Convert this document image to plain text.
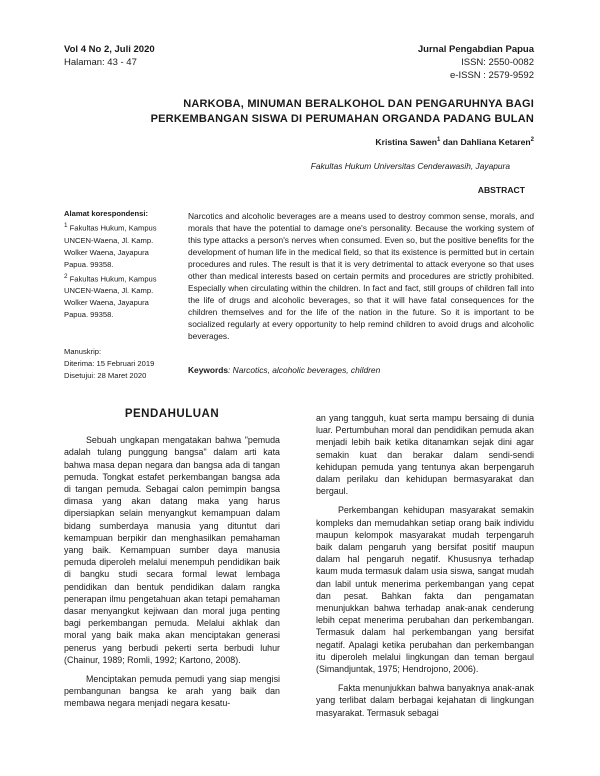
Vol 4 No 2, Juli 2020
Halaman: 43 - 47
Jurnal Pengabdian Papua
ISSN: 2550-0082
e-ISSN : 2579-9592
NARKOBA, MINUMAN BERALKOHOL DAN PENGARUHNYA BAGI
PERKEMBANGAN SISWA DI PERUMAHAN ORGANDA PADANG BULAN
Kristina Sawen$^1$ dan Dahliana Ketaren$^2$
Fakultas Hukum Universitas Cenderawasih, Jayapura
ABSTRACT
Narcotics and alcoholic beverages are a means used to destroy common sense, morals, and morals that have the potential to damage one's personality. Because the working system of this type attacks a person's nerves when consumed. Even so, but the positive benefits for the development of human life in the medical field, so that its existence is permitted but in certain procedures and rules. The result is that it is very detrimental to attack everyone so that uses other than medical interests based on certain permits and procedures are strictly prohibited. Especially when circulating within the children. In fact and fact, still groups of children fall into the life of drugs and alcoholic beverages, so that it will have fatal consequences for the children themselves and for the life of the nation in the future. So it is important to be socialized regularly at every opportunity to help remind children to avoid drugs and alcoholic beverages.
Keywords: Narcotics, alcoholic beverages, children
Alamat korespondensi:
$^1$ Fakultas Hukum, Kampus UNCEN-Waena, Jl. Kamp. Wolker Waena, Jayapura Papua. 99358.
$^2$ Fakultas Hukum, Kampus UNCEN-Waena, Jl. Kamp. Wolker Waena, Jayapura Papua. 99358.
Manuskrip:
Diterima: 15 Februari 2019
Disetujui: 28 Maret 2020

PENDAHULUAN

Sebuah ungkapan mengatakan bahwa "pemuda adalah tulang punggung bangsa" dalam arti kata bahwa masa depan negara dan bangsa ada di tangan pemuda. Tongkat estafet perkembangan bangsa ada di tangan pemuda. Sebagai calon pemimpin bangsa dimasa yang akan datang maka yang harus dipersiapkan selain menyangkut kemampuan dalam bidang sumberdaya manusia yang dituntut dari kemampuan berpikir dan menghasilkan pemahaman yang baik. Kemampuan sumber daya manusia pemuda diperoleh melalui menempuh pendidikan baik di bangku studi secara formal lewat lembaga pendidikan dan bentuk pendidikan dalam rangka penerapan ilmu pengetahuan akan tetapi pemahaman dasar menyangkut kejiwaan dan moral juga penting bagi perkembangan pemuda. Melalui akhlak dan moral yang baik maka akan menciptakan generasi penerus yang berbudi pekerti serta berbudi luhur (Chainur, 1989; Romli, 1992; Kartono, 2008).

Menciptakan pemuda pemudi yang siap mengisi pembangunan bangsa ke arah yang baik dan membawa negara menjadi negara kesatu-

an yang tangguh, kuat serta mampu bersaing di dunia luar. Pertumbuhan moral dan pendidikan pemuda akan menjadi lebih baik ketika ditanamkan sejak dini agar semakin kuat dan berakar dalam sendi-sendi kehidupan pemuda yang tentunya akan berpengaruh dalam perilaku dan kehidupan bermasyarakat dan bergaul.

Perkembangan kehidupan masyarakat semakin kompleks dan memudahkan setiap orang baik individu maupun kelompok masyarakat mudah terpengaruh baik dalam pengaruh yang bersifat positif maupun dalam hal pengaruh negatif. Khususnya terhadap kaum muda termasuk dalam usia siswa, sangat mudah dan labil untuk menerima perkembangan yang cepat dan pesat. Bahkan fakta dan pengamatan menunjukkan bahwa terhadap anak-anak cenderung lebih cepat menerima perubahan dan perkembangan. Termasuk dalam hal perkembangan yang bersifat negatif. Apalagi ketika perubahan dan perkembangan itu diperoleh melalui lingkungan dan teman bergaul (Simandjuntak, 1975; Hendrojono, 2006).

Fakta menunjukkan bahwa banyaknya anak-anak yang terlibat dalam berbagai kejahatan di lingkungan masyarakat. Termasuk sebagai
